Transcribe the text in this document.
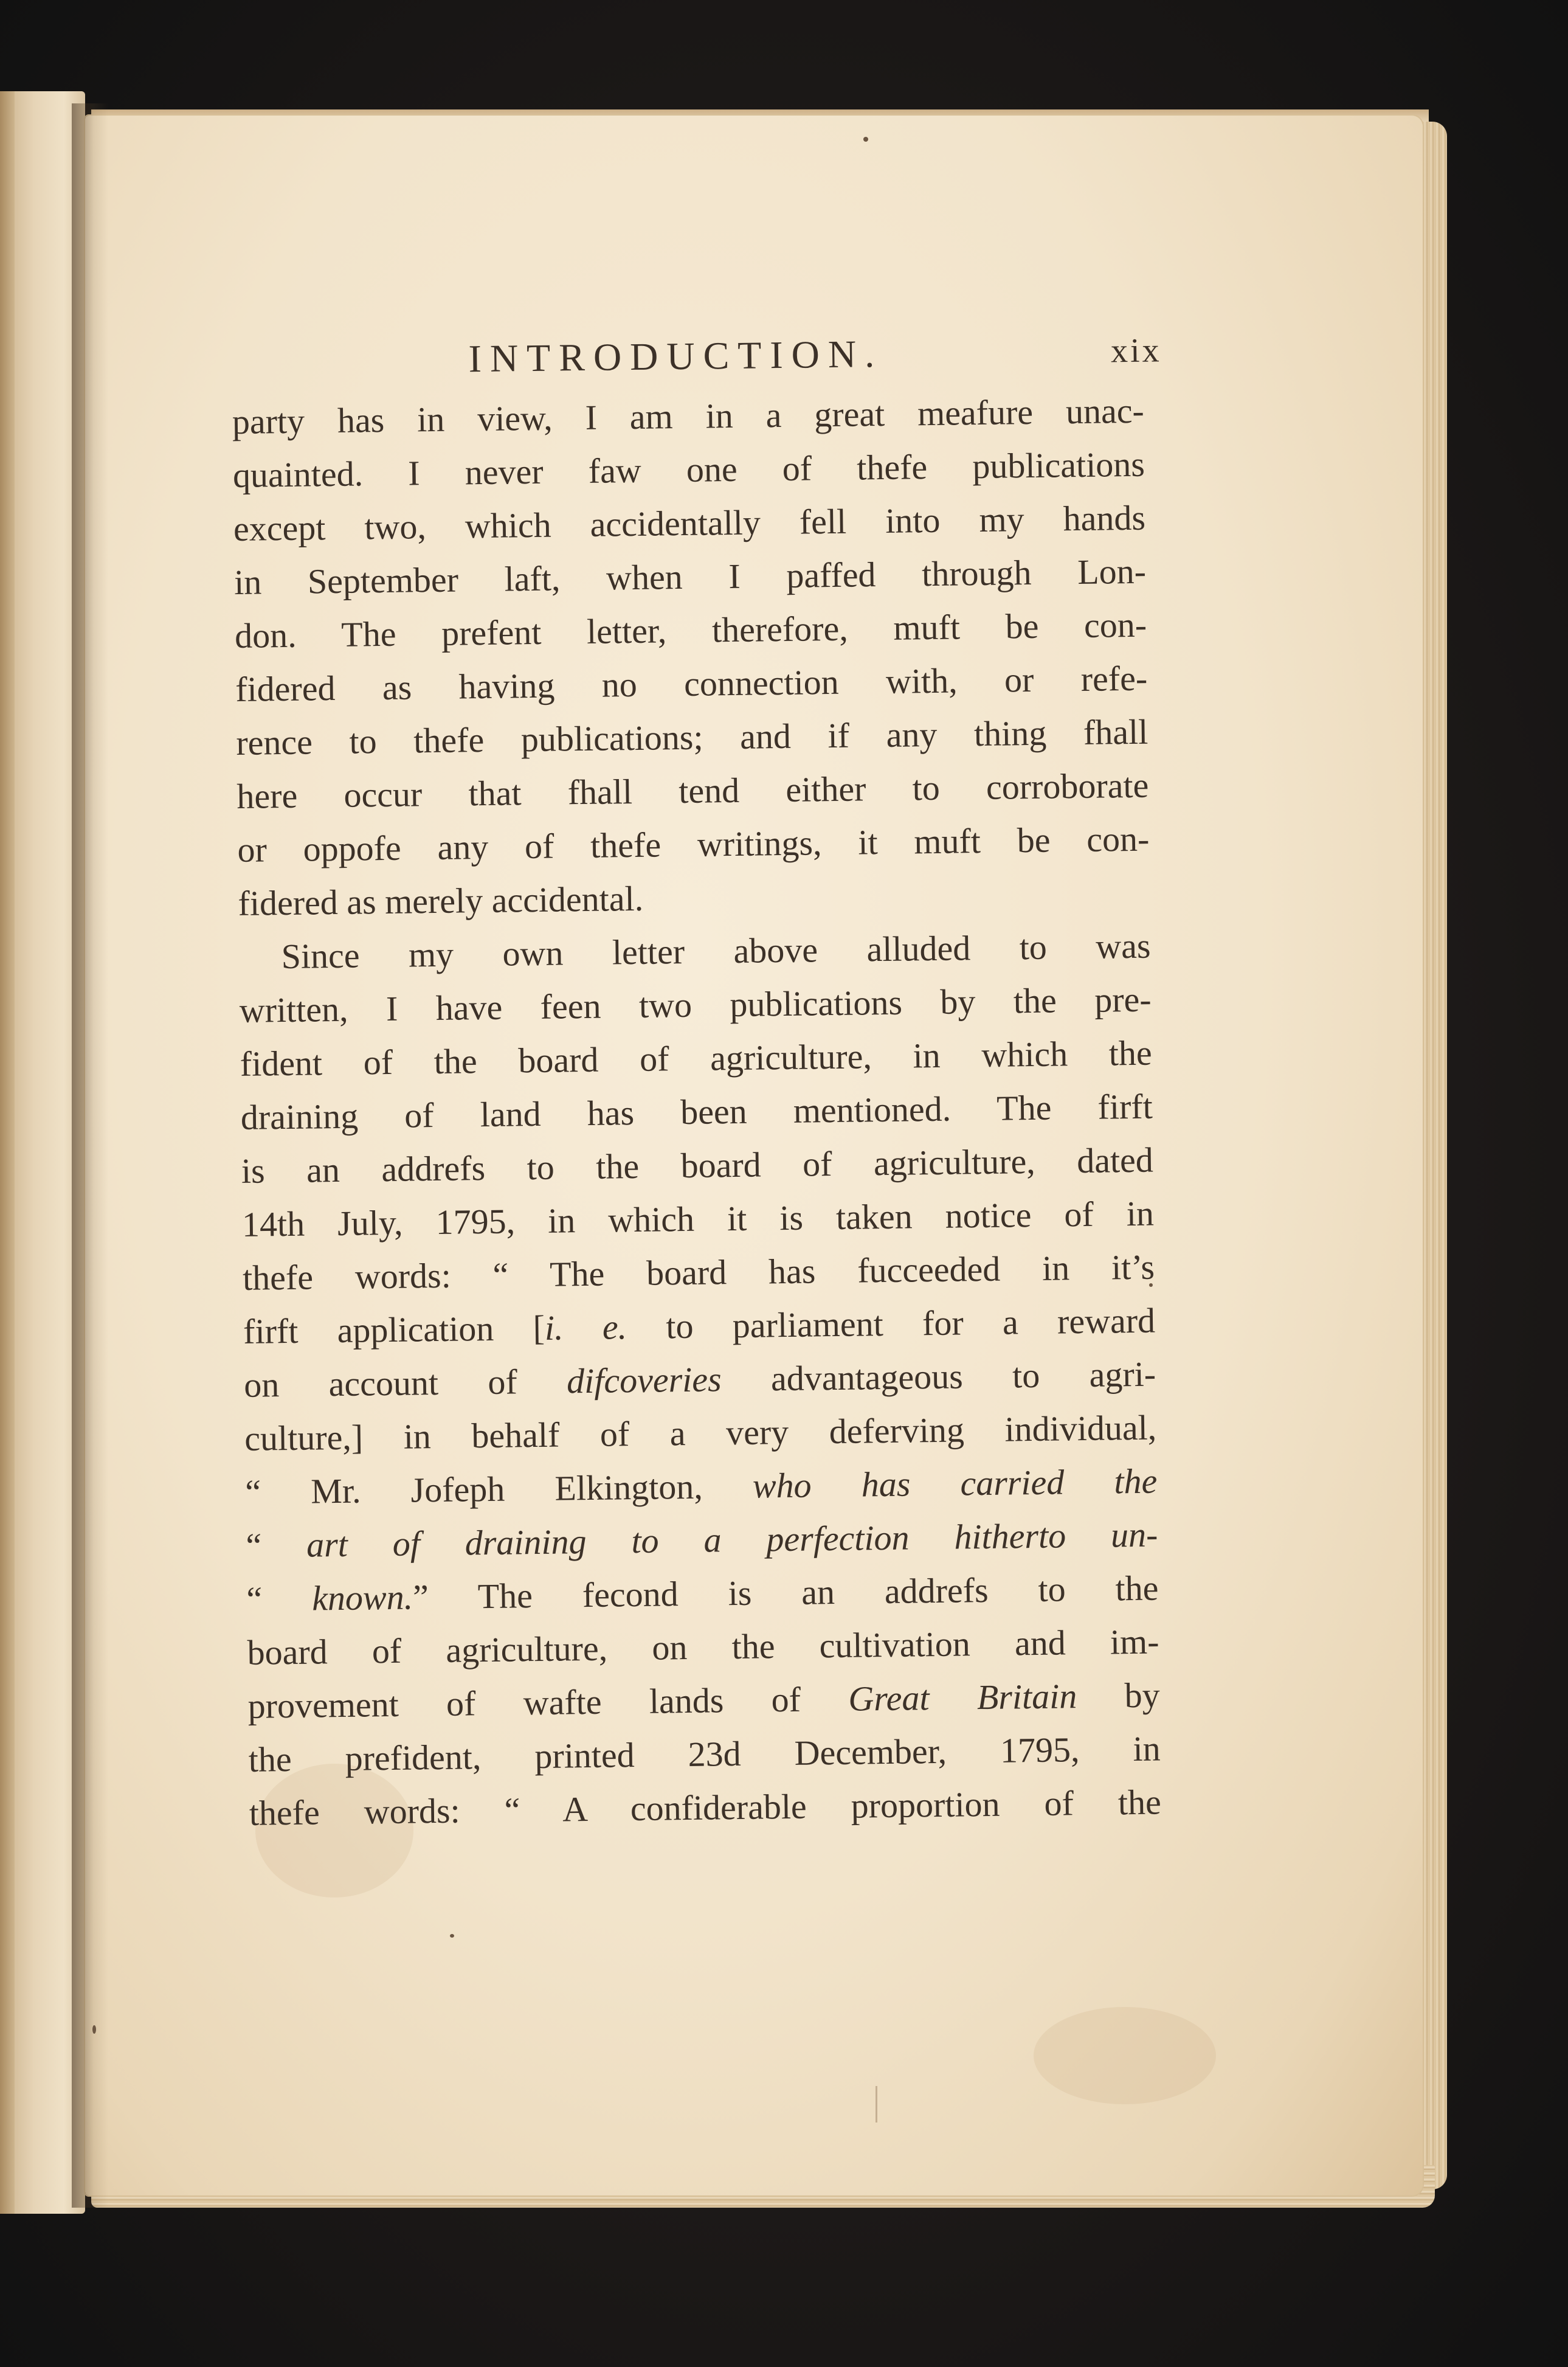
INTRODUCTION.	xix
party has in view, I am in a great meafure unac-
quainted. I never faw one of thefe publications
except two, which accidentally fell into my hands
in September laft, when I paffed through Lon-
don. The prefent letter, therefore, muft be con-
fidered as having no connection with, or refe-
rence to thefe publications; and if any thing fhall
here occur that fhall tend either to corroborate
or oppofe any of thefe writings, it muft be con-
fidered as merely accidental.
Since my own letter above alluded to was
written, I have feen two publications by the pre-
fident of the board of agriculture, in which the
draining of land has been mentioned. The firft
is an addrefs to the board of agriculture, dated
14th July, 1795, in which it is taken notice of in
thefe words: “ The board has fucceeded in it’s
firft application [i. e. to parliament for a reward
on account of difcoveries advantageous to agri-
culture,] in behalf of a very deferving individual,
“ Mr. Jofeph Elkington, who has carried the
“ art of draining to a perfection hitherto un-
“ known.” The fecond is an addrefs to the
board of agriculture, on the cultivation and im-
provement of wafte lands of Great Britain by
the prefident, printed 23d December, 1795, in
thefe words: “ A confiderable proportion of the
